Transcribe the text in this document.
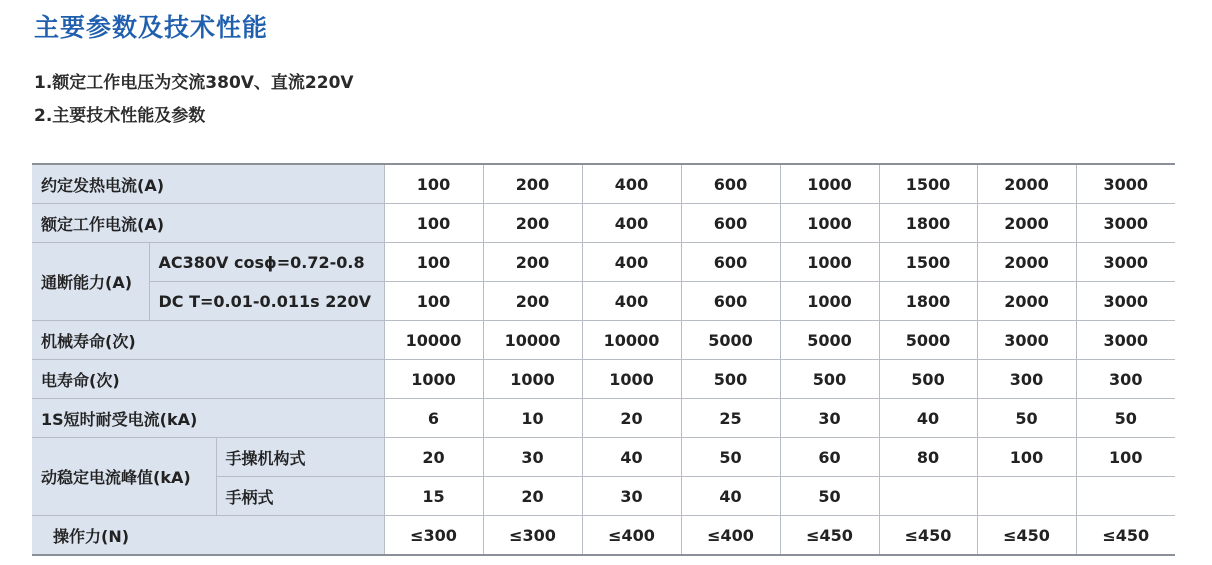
主要参数及技术性能
1.额定工作电压为交流380V、直流220V
2.主要技术性能及参数
约定发热电流(A)			100	200	400	600	1000	1500	2000	3000
额定工作电流(A)			100	200	400	600	1000	1800	2000	3000
通断能力(A)	AC380V cosϕ=0.72-0.8		100	200	400	600	1000	1500	2000	3000
	DC T=0.01-0.011s 220V		100	200	400	600	1000	1800	2000	3000
机械寿命(次)			10000	10000	10000	5000	5000	5000	3000	3000
电寿命(次)			1000	1000	1000	500	500	500	300	300
1S短时耐受电流(kA)			6	10	20	25	30	40	50	50
动稳定电流峰值(kA)		手操机构式	20	30	40	50	60	80	100	100
		手柄式	15	20	30	40	50			
操作力(N)			≤300	≤300	≤400	≤400	≤450	≤450	≤450	≤450
